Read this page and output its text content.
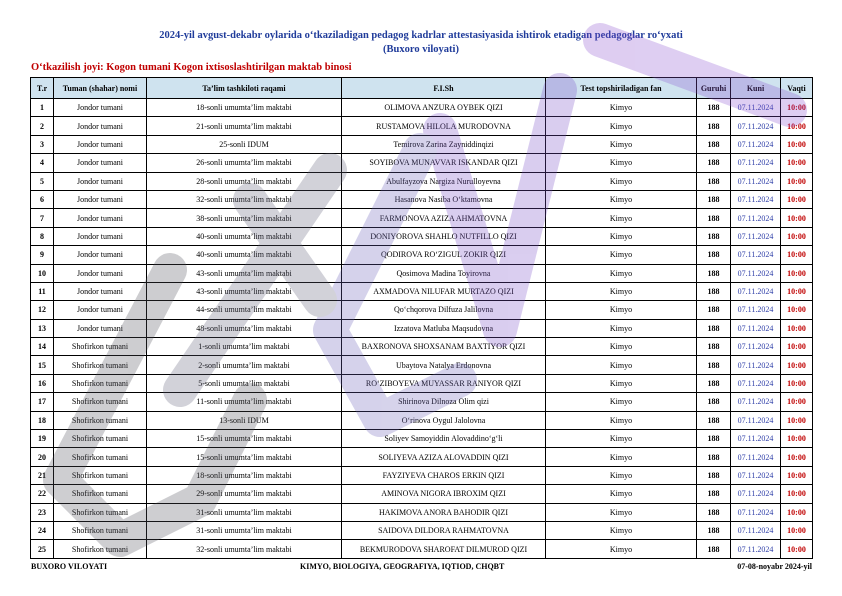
2024-yil avgust-dekabr oylarida o‘tkaziladigan pedagog kadrlar attestasiyasida ishtirok etadigan pedagoglar ro‘yxati
(Buxoro viloyati)
O‘tkazilish joyi: Kogon tumani Kogon ixtisoslashtirilgan maktab binosi
T.r	Tuman (shahar) nomi	Ta’lim tashkiloti raqami	F.I.Sh	Test topshiriladigan fan	Guruhi	Kuni	Vaqti
1	Jondor tumani	18-sonli umumta’lim maktabi	OLIMOVA ANZURA OYBEK QIZI	Kimyo	188	07.11.2024	10:00
2	Jondor tumani	21-sonli umumta’lim maktabi	RUSTAMOVA HILOLA MURODOVNA	Kimyo	188	07.11.2024	10:00
3	Jondor tumani	25-sonli IDUM	Temirova Zarina Zayniddinqizi	Kimyo	188	07.11.2024	10:00
4	Jondor tumani	26-sonli umumta’lim maktabi	SOYIBOVA MUNAVVAR ISKANDAR QIZI	Kimyo	188	07.11.2024	10:00
5	Jondor tumani	28-sonli umumta’lim maktabi	Abulfayzova Nargiza Nurulloyevna	Kimyo	188	07.11.2024	10:00
6	Jondor tumani	32-sonli umumta’lim maktabi	Hasanova Nasiba O‘ktamovna	Kimyo	188	07.11.2024	10:00
7	Jondor tumani	38-sonli umumta’lim maktabi	FARMONOVA AZIZA AHMATOVNA	Kimyo	188	07.11.2024	10:00
8	Jondor tumani	40-sonli umumta’lim maktabi	DONIYOROVA SHAHLO NUTFILLO QIZI	Kimyo	188	07.11.2024	10:00
9	Jondor tumani	40-sonli umumta’lim maktabi	QODIROVA RO‘ZIGUL ZOKIR QIZI	Kimyo	188	07.11.2024	10:00
10	Jondor tumani	43-sonli umumta’lim maktabi	Qosimova Madina Toyirovna	Kimyo	188	07.11.2024	10:00
11	Jondor tumani	43-sonli umumta’lim maktabi	AXMADOVA NILUFAR MURTAZO QIZI	Kimyo	188	07.11.2024	10:00
12	Jondor tumani	44-sonli umumta’lim maktabi	Qo‘chqorova Dilfuza Jalilovna	Kimyo	188	07.11.2024	10:00
13	Jondor tumani	48-sonli umumta’lim maktabi	Izzatova Matluba Maqsudovna	Kimyo	188	07.11.2024	10:00
14	Shofirkon tumani	1-sonli umumta’lim maktabi	BAXRONOVA SHOXSANAM BAXTIYOR QIZI	Kimyo	188	07.11.2024	10:00
15	Shofirkon tumani	2-sonli umumta’lim maktabi	Ubaytova Natalya Erdonovna	Kimyo	188	07.11.2024	10:00
16	Shofirkon tumani	5-sonli umumta’lim maktabi	RO‘ZIBOYEVA MUYASSAR RANIYOR QIZI	Kimyo	188	07.11.2024	10:00
17	Shofirkon tumani	11-sonli umumta’lim maktabi	Shirinova Dilnoza Olim qizi	Kimyo	188	07.11.2024	10:00
18	Shofirkon tumani	13-sonli IDUM	O‘rinova Oygul Jalolovna	Kimyo	188	07.11.2024	10:00
19	Shofirkon tumani	15-sonli umumta’lim maktabi	Soliyev Samoyiddin Alovaddino‘g‘li	Kimyo	188	07.11.2024	10:00
20	Shofirkon tumani	15-sonli umumta’lim maktabi	SOLIYEVA AZIZA ALOVADDIN QIZI	Kimyo	188	07.11.2024	10:00
21	Shofirkon tumani	18-sonli umumta’lim maktabi	FAYZIYEVA CHAROS ERKIN QIZI	Kimyo	188	07.11.2024	10:00
22	Shofirkon tumani	29-sonli umumta’lim maktabi	AMINOVA NIGORA IBROXIM QIZI	Kimyo	188	07.11.2024	10:00
23	Shofirkon tumani	31-sonli umumta’lim maktabi	HAKIMOVA ANORA BAHODIR QIZI	Kimyo	188	07.11.2024	10:00
24	Shofirkon tumani	31-sonli umumta’lim maktabi	SAIDOVA DILDORA RAHMATOVNA	Kimyo	188	07.11.2024	10:00
25	Shofirkon tumani	32-sonli umumta’lim maktabi	BEKMURODOVA SHAROFAT DILMUROD QIZI	Kimyo	188	07.11.2024	10:00
BUXORO VILOYATI	KIMYO, BIOLOGIYA, GEOGRAFIYA, IQTIOD, CHQBT	07-08-noyabr 2024-yil
